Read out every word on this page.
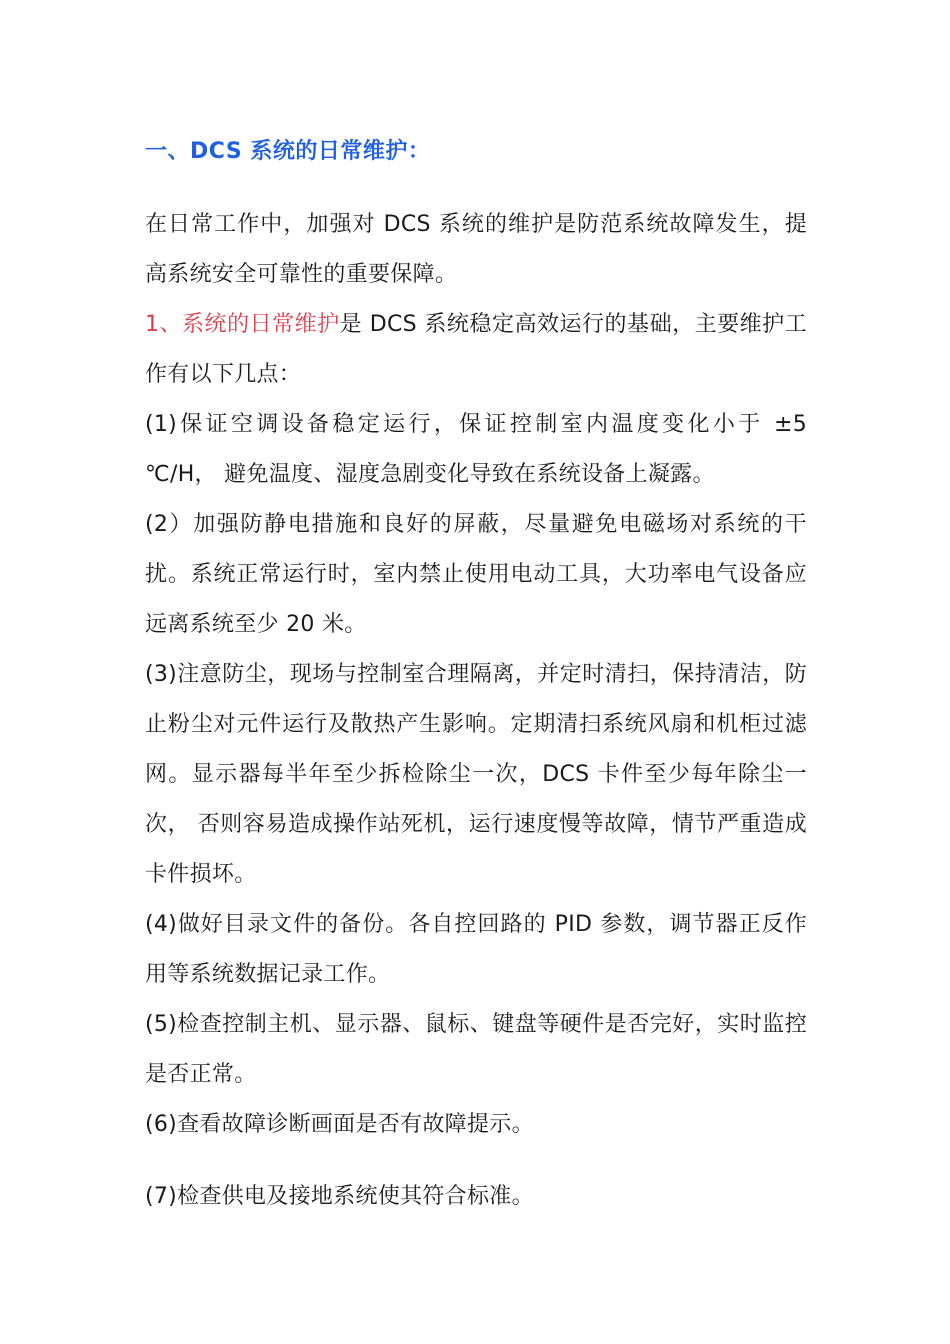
一、DCS 系统的日常维护：

在日常工作中，加强对 DCS 系统的维护是防范系统故障发生，提高系统安全可靠性的重要保障。

1、系统的日常维护是 DCS 系统稳定高效运行的基础，主要维护工作有以下几点：

(1)保证空调设备稳定运行，保证控制室内温度变化小于 ±5 ℃/H， 避免温度、湿度急剧变化导致在系统设备上凝露。

(2）加强防静电措施和良好的屏蔽，尽量避免电磁场对系统的干扰。系统正常运行时，室内禁止使用电动工具，大功率电气设备应远离系统至少 20 米。

(3)注意防尘，现场与控制室合理隔离，并定时清扫，保持清洁，防止粉尘对元件运行及散热产生影响。定期清扫系统风扇和机柜过滤网。显示器每半年至少拆检除尘一次，DCS 卡件至少每年除尘一次， 否则容易造成操作站死机，运行速度慢等故障，情节严重造成卡件损坏。

(4)做好目录文件的备份。各自控回路的 PID 参数，调节器正反作用等系统数据记录工作。

(5)检查控制主机、显示器、鼠标、键盘等硬件是否完好，实时监控是否正常。

(6)查看故障诊断画面是否有故障提示。

(7)检查供电及接地系统使其符合标准。
